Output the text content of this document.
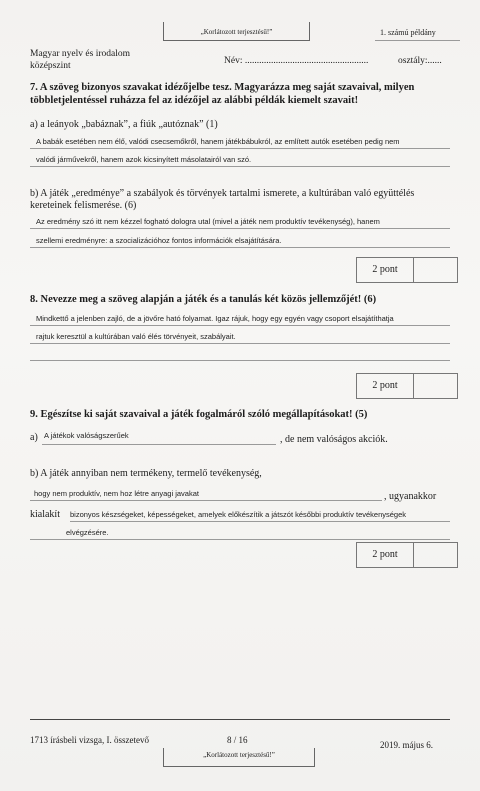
„Korlátozott terjesztésű!”	1. számú példány
Magyar nyelv és irodalom
középszint	Név: ....................................................	osztály:......
7. A szöveg bizonyos szavakat idézőjelbe tesz. Magyarázza meg saját szavaival, milyen többletjelentéssel ruházza fel az idézőjel az alábbi példák kiemelt szavait!
a) a leányok „babáznak”, a fiúk „autóznak” (1)
A babák esetében nem élő, valódi csecsemőkről, hanem játékbábukról, az említett autók esetében pedig nem
valódi járművekről, hanem azok kicsinyített másolatairól van szó.
b) A játék „eredménye” a szabályok és törvények tartalmi ismerete, a kultúrában való együttélés
kereteinek felismerése. (6)
Az eredmény szó itt nem kézzel fogható dologra utal (mivel a játék nem produktív tevékenység), hanem
szellemi eredményre: a szocializációhoz fontos információk elsajátítására.
2 pont
8. Nevezze meg a szöveg alapján a játék és a tanulás két közös jellemzőjét! (6)
Mindkettő a jelenben zajló, de a jövőre ható folyamat. Igaz rájuk, hogy egy egyén vagy csoport elsajátíthatja
rajtuk keresztül a kultúrában való élés törvényeit, szabályait.
2 pont
9. Egészítse ki saját szavaival a játék fogalmáról szóló megállapításokat! (5)
a) A játékok valóságszerűek	, de nem valóságos akciók.
b) A játék annyiban nem termékeny, termelő tevékenység,
hogy nem produktív, nem hoz létre anyagi javakat	, ugyanakkor
kialakít bizonyos készségeket, képességeket, amelyek előkészítik a játszót későbbi produktív tevékenységek
elvégzésére.
2 pont
1713 írásbeli vizsga, I. összetevő	8 / 16	2019. május 6.
„Korlátozott terjesztésű!”
